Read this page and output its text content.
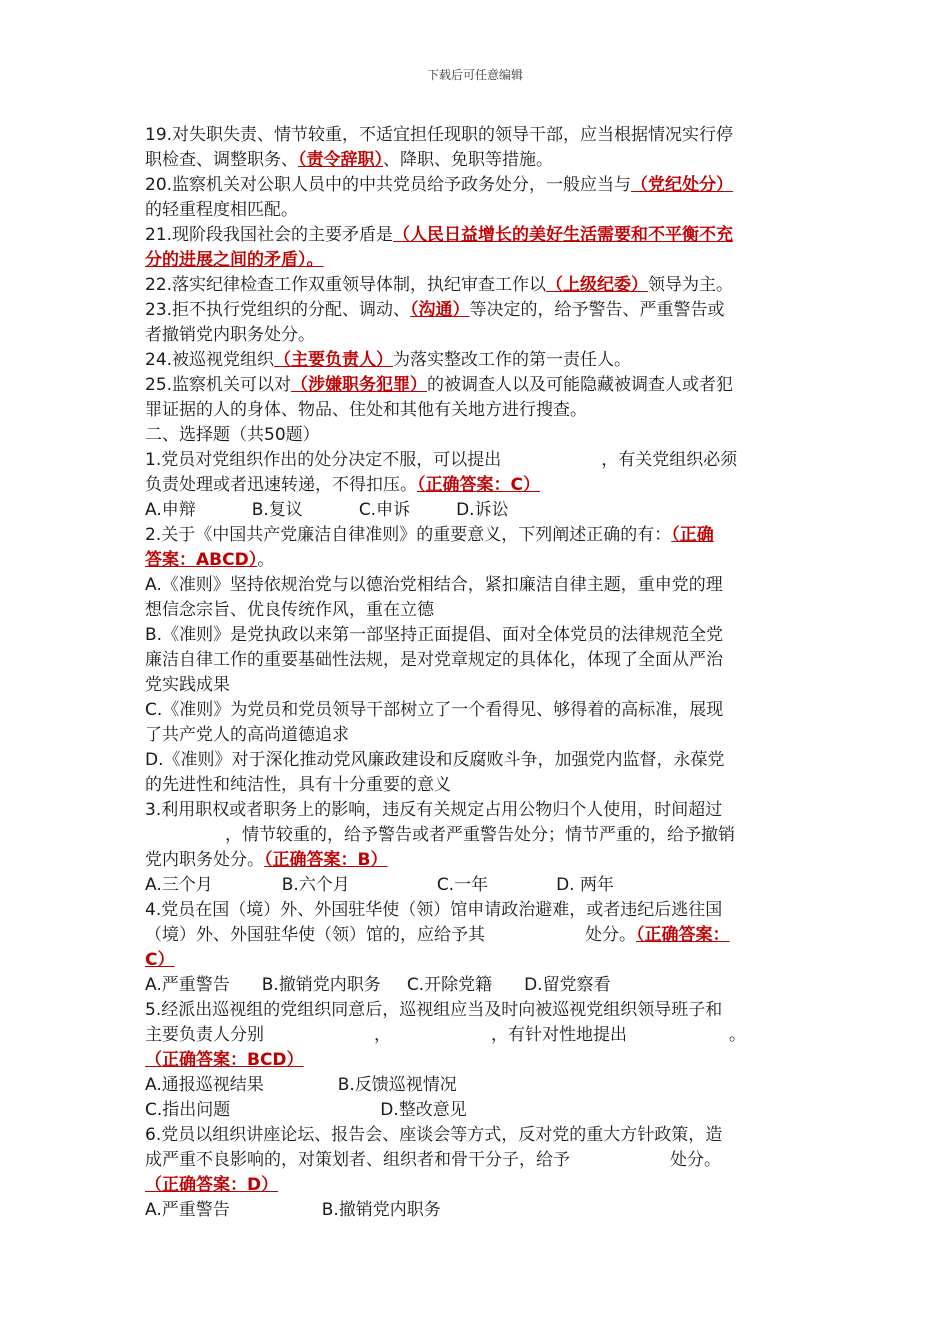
下载后可任意编辑
19.对失职失责、情节较重，不适宜担任现职的领导干部，应当根据情况实行停
职检查、调整职务、（责令辞职）、降职、免职等措施。
20.监察机关对公职人员中的中共党员给予政务处分，一般应当与（党纪处分）
的轻重程度相匹配。
21.现阶段我国社会的主要矛盾是（人民日益增长的美好生活需要和不平衡不充
分的进展之间的矛盾）。
22.落实纪律检查工作双重领导体制，执纪审查工作以（上级纪委）领导为主。
23.拒不执行党组织的分配、调动、（沟通）等决定的，给予警告、严重警告或
者撤销党内职务处分。
24.被巡视党组织（主要负责人）为落实整改工作的第一责任人。
25.监察机关可以对（涉嫌职务犯罪）的被调查人以及可能隐藏被调查人或者犯
罪证据的人的身体、物品、住处和其他有关地方进行搜查。
二、选择题（共50题）
1.党员对党组织作出的处分决定不服，可以提出	，有关党组织必须
负责处理或者迅速转递，不得扣压。（正确答案：C）
A.申辩	B.复议	C.申诉	D.诉讼
2.关于《中国共产党廉洁自律准则》的重要意义，下列阐述正确的有：（正确
答案：ABCD）。
A.《准则》坚持依规治党与以德治党相结合，紧扣廉洁自律主题，重申党的理
想信念宗旨、优良传统作风，重在立德
B.《准则》是党执政以来第一部坚持正面提倡、面对全体党员的法律规范全党
廉洁自律工作的重要基础性法规，是对党章规定的具体化，体现了全面从严治
党实践成果
C.《准则》为党员和党员领导干部树立了一个看得见、够得着的高标准，展现
了共产党人的高尚道德追求
D.《准则》对于深化推动党风廉政建设和反腐败斗争，加强党内监督，永葆党
的先进性和纯洁性，具有十分重要的意义
3.利用职权或者职务上的影响，违反有关规定占用公物归个人使用，时间超过
，情节较重的，给予警告或者严重警告处分；情节严重的，给予撤销
党内职务处分。（正确答案：B）
A.三个月	B.六个月	C.一年	D. 两年
4.党员在国（境）外、外国驻华使（领）馆申请政治避难，或者违纪后逃往国
（境）外、外国驻华使（领）馆的，应给予其	处分。（正确答案：
C）
A.严重警告 B.撤销党内职务 C.开除党籍 D.留党察看
5.经派出巡视组的党组织同意后，巡视组应当及时向被巡视党组织领导班子和
主要负责人分别	，	，有针对性地提出	。
（正确答案：BCD）
A.通报巡视结果	B.反馈巡视情况
C.指出问题	D.整改意见
6.党员以组织讲座论坛、报告会、座谈会等方式，反对党的重大方针政策，造
成严重不良影响的，对策划者、组织者和骨干分子，给予	处分。
（正确答案：D）
A.严重警告	B.撤销党内职务
